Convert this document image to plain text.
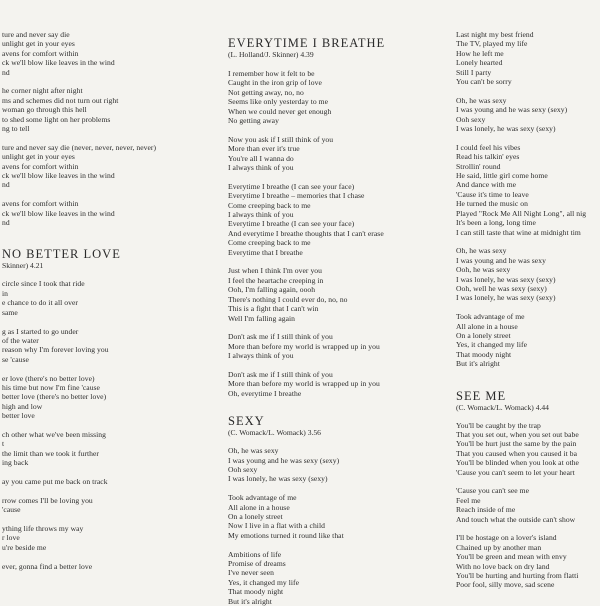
ture and never say die
unlight get in your eyes
avens for comfort within
ck we'll blow like leaves in the wind
nd
he corner night after night
ms and schemes did not turn out right
woman go through this hell
to shed some light on her problems
ng to tell
ture and never say die (never, never, never, never)
unlight get in your eyes
avens for comfort within
ck we'll blow like leaves in the wind
nd
avens for comfort within
ck we'll blow like leaves in the wind
nd
NO BETTER LOVE
Skinner) 4.21
circle since I took that ride
in
e chance to do it all over
same
g as I started to go under
of the water
reason why I'm forever loving you
se 'cause
er love (there's no better love)
his time but now I'm fine 'cause
better love (there's no better love)
high and low
better love
ch other what we've been missing
t
the limit than we took it further
ing back
ay you came put me back on track
rrow comes I'll be loving you
'cause
ything life throws my way
r love
u're beside me
ever, gonna find a better love
EVERYTIME I BREATHE
(L. Holland/J. Skinner) 4.39
I remember how it felt to be
Caught in the iron grip of love
Not getting away, no, no
Seems like only yesterday to me
When we could never get enough
No getting away
Now you ask if I still think of you
More than ever it's true
You're all I wanna do
I always think of you
Everytime I breathe (I can see your face)
Everytime I breathe – memories that I chase
Come creeping back to me
I always think of you
Everytime I breathe (I can see your face)
And everytime I breathe thoughts that I can't erase
Come creeping back to me
Everytime that I breathe
Just when I think I'm over you
I feel the heartache creeping in
Ooh, I'm falling again, oooh
There's nothing I could ever do, no, no
This is a fight that I can't win
Well I'm falling again
Don't ask me if I still think of you
More than before my world is wrapped up in you
I always think of you
Don't ask me if I still think of you
More than before my world is wrapped up in you
Oh, everytime I breathe
SEXY
(C. Womack/L. Womack) 3.56
Oh, he was sexy
I was young and he was sexy (sexy)
Ooh sexy
I was lonely, he was sexy (sexy)
Took advantage of me
All alone in a house
On a lonely street
Now I live in a flat with a child
My emotions turned it round like that
Ambitions of life
Promise of dreams
I've never seen
Yes, it changed my life
That moody night
But it's alright
Last night my best friend
The TV, played my life
How he left me
Lonely hearted
Still I party
You can't be sorry
Oh, he was sexy
I was young and he was sexy (sexy)
Ooh sexy
I was lonely, he was sexy (sexy)
I could feel his vibes
Read his talkin' eyes
Strollin' round
He said, little girl come home
And dance with me
'Cause it's time to leave
He turned the music on
Played "Rock Me All Night Long", all nig
It's been a long, long time
I can still taste that wine at midnight tim
Oh, he was sexy
I was young and he was sexy
Ooh, he was sexy
I was lonely, he was sexy (sexy)
Ooh, well he was sexy (sexy)
I was lonely, he was sexy (sexy)
Took advantage of me
All alone in a house
On a lonely street
Yes, it changed my life
That moody night
But it's alright
SEE ME
(C. Womack/L. Womack) 4.44
You'll be caught by the trap
That you set out, when you set out babe
You'll be hurt just the same by the pain
That you caused when you caused it ba
You'll be blinded when you look at othe
'Cause you can't seem to let your heart
'Cause you can't see me
Feel me
Reach inside of me
And touch what the outside can't show
I'll be hostage on a lover's island
Chained up by another man
You'll be green and mean with envy
With no love back on dry land
You'll be hurting and hurting from flatti
Poor fool, silly move, sad scene
